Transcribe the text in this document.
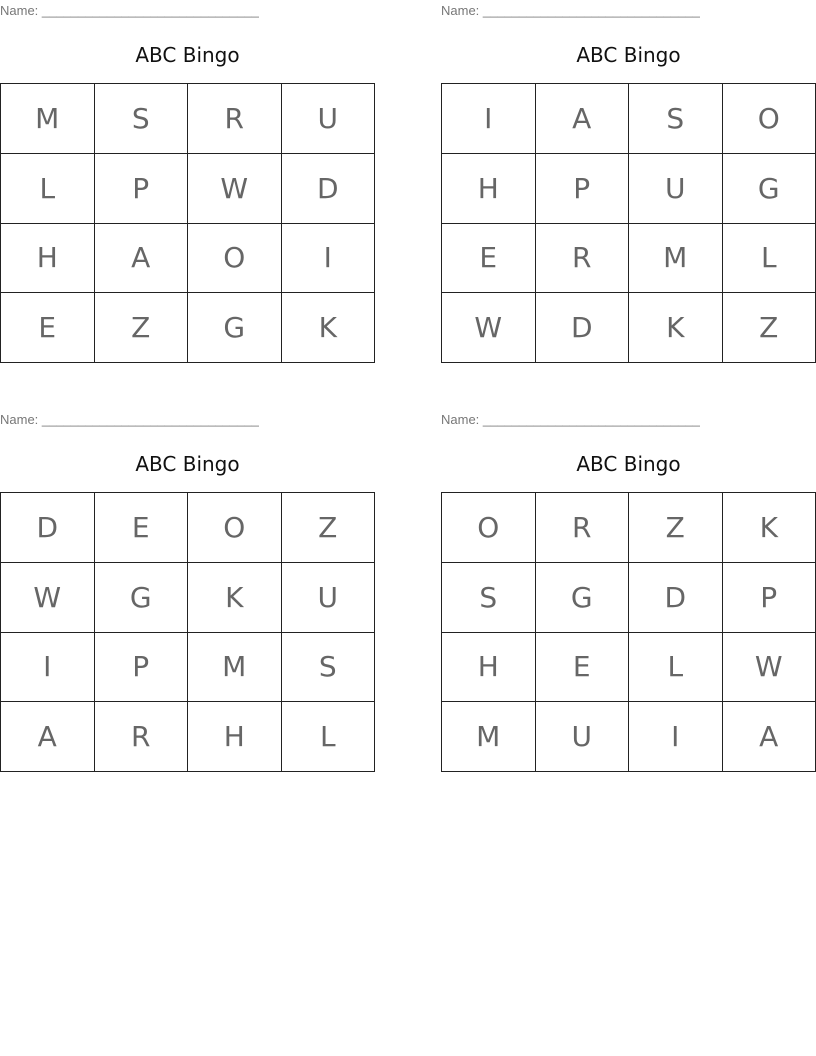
Name: ______________________________
ABC Bingo
M	S	R	U
L	P	W	D
H	A	O	I
E	Z	G	K
Name: ______________________________
ABC Bingo
I	A	S	O
H	P	U	G
E	R	M	L
W	D	K	Z
Name: ______________________________
ABC Bingo
D	E	O	Z
W	G	K	U
I	P	M	S
A	R	H	L
Name: ______________________________
ABC Bingo
O	R	Z	K
S	G	D	P
H	E	L	W
M	U	I	A
